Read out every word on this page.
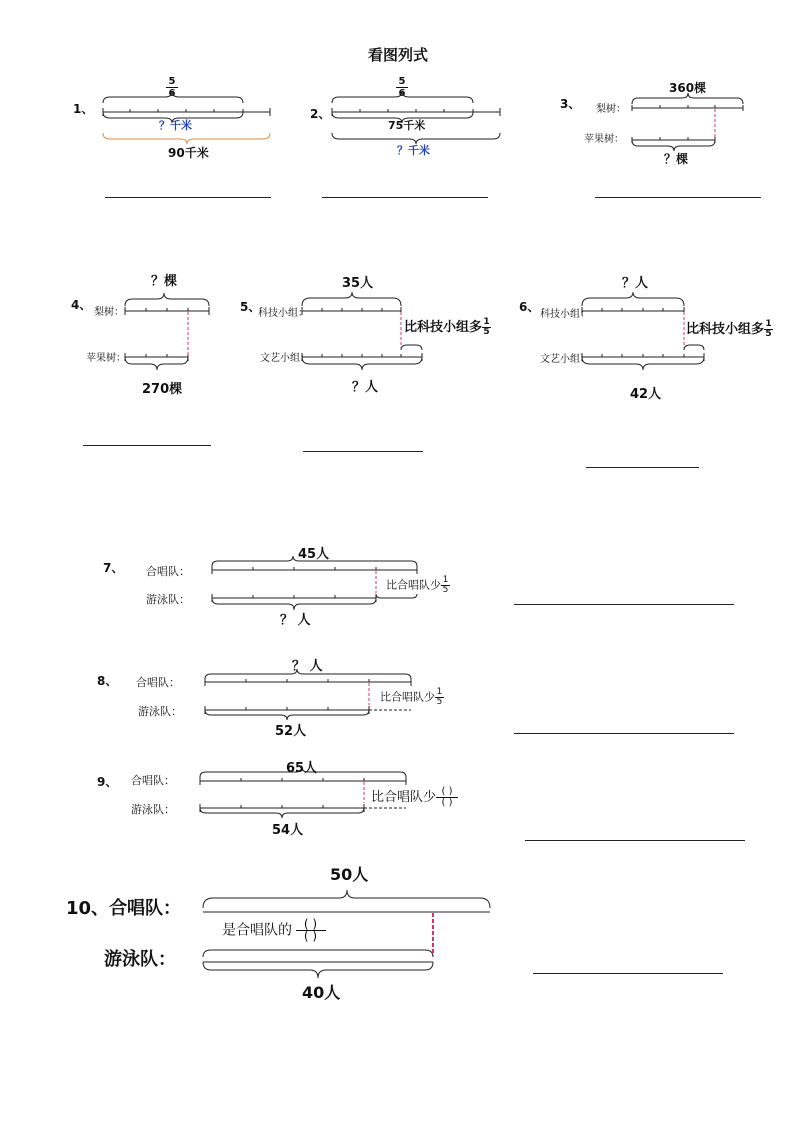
看图列式
1、
5
6
？千米
90千米
2、
5
6
75千米
？千米
3、
360棵
梨树：
苹果树：
？棵
4、
？棵
梨树：
苹果树：
270棵
5、
35人
科技小组：
文艺小组：
比科技小组多$\frac{1}{5}$
？人
6、
？人
科技小组：
文艺小组：
比科技小组多$\frac{1}{5}$
42人
7、
45人
合唱队：
游泳队：
比合唱队少$\frac{1}{5}$
？ 人
8、
？ 人
合唱队：
游泳队：
比合唱队少$\frac{1}{5}$
52人
9、
65人
合唱队：
游泳队：
比合唱队少 ( )
( )
54人
10、合唱队：
50人
是合唱队的 ( )
( )
游泳队：
40人
